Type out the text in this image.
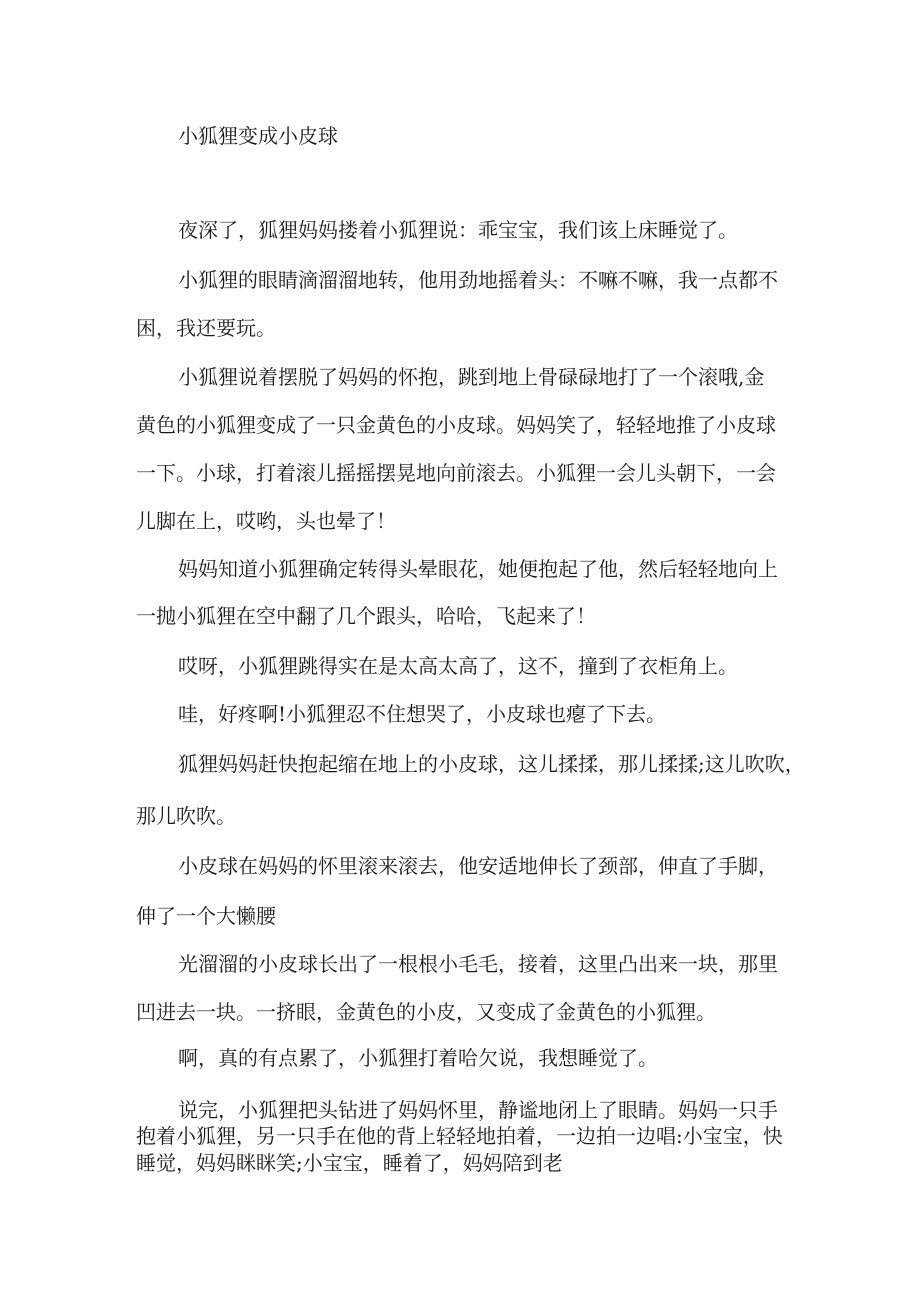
小狐狸变成小皮球
夜深了，狐狸妈妈搂着小狐狸说：乖宝宝，我们该上床睡觉了。
小狐狸的眼睛滴溜溜地转，他用劲地摇着头：不嘛不嘛，我一点都不
困，我还要玩。
小狐狸说着摆脱了妈妈的怀抱，跳到地上骨碌碌地打了一个滚哦,金
黄色的小狐狸变成了一只金黄色的小皮球。妈妈笑了，轻轻地推了小皮球
一下。小球，打着滚儿摇摇摆晃地向前滚去。小狐狸一会儿头朝下，一会
儿脚在上，哎哟，头也晕了！
妈妈知道小狐狸确定转得头晕眼花，她便抱起了他，然后轻轻地向上
一抛小狐狸在空中翻了几个跟头，哈哈，飞起来了！
哎呀，小狐狸跳得实在是太高太高了，这不，撞到了衣柜角上。
哇，好疼啊!小狐狸忍不住想哭了，小皮球也瘪了下去。
狐狸妈妈赶快抱起缩在地上的小皮球，这儿揉揉，那儿揉揉;这儿吹吹，
那儿吹吹。
小皮球在妈妈的怀里滚来滚去，他安适地伸长了颈部，伸直了手脚，
伸了一个大懒腰
光溜溜的小皮球长出了一根根小毛毛，接着，这里凸出来一块，那里
凹进去一块。一挤眼，金黄色的小皮，又变成了金黄色的小狐狸。
啊，真的有点累了，小狐狸打着哈欠说，我想睡觉了。
说完，小狐狸把头钻进了妈妈怀里，静谧地闭上了眼睛。妈妈一只手
抱着小狐狸，另一只手在他的背上轻轻地拍着，一边拍一边唱:小宝宝，快
睡觉，妈妈眯眯笑;小宝宝，睡着了，妈妈陪到老
